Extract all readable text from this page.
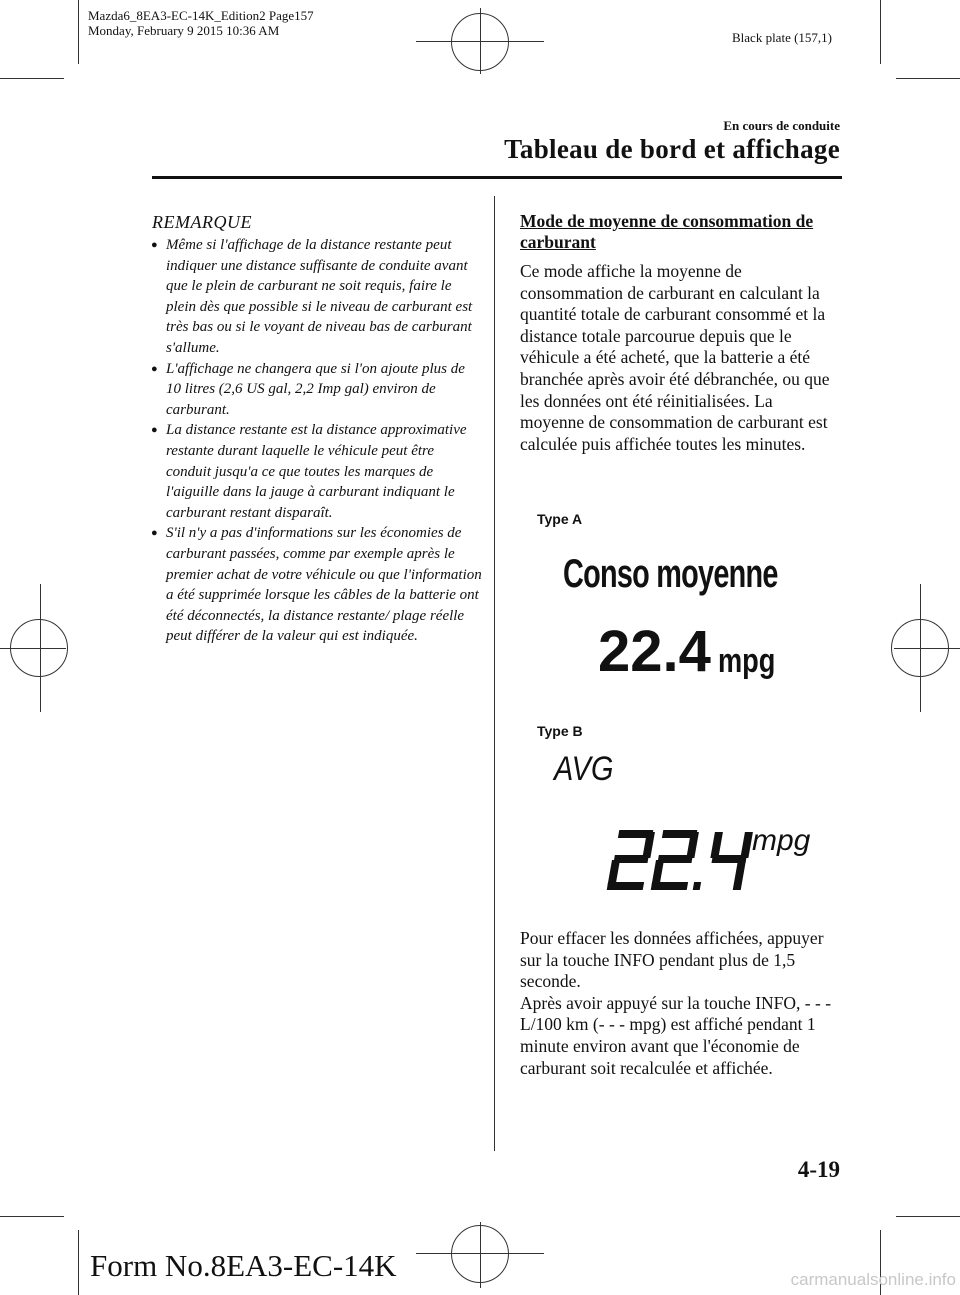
Mazda6_8EA3-EC-14K_Edition2 Page157
Monday, February 9 2015 10:36 AM	Black plate (157,1)
En cours de conduite
Tableau de bord et affichage
REMARQUE
● Même si l'affichage de la distance restante peut indiquer une distance suffisante de conduite avant que le plein de carburant ne soit requis, faire le plein dès que possible si le niveau de carburant est très bas ou si le voyant de niveau bas de carburant s'allume.
● L'affichage ne changera que si l'on ajoute plus de 10 litres (2,6 US gal, 2,2 Imp gal) environ de carburant.
● La distance restante est la distance approximative restante durant laquelle le véhicule peut être conduit jusqu'a ce que toutes les marques de l'aiguille dans la jauge à carburant indiquant le carburant restant disparaît.
● S'il n'y a pas d'informations sur les économies de carburant passées, comme par exemple après le premier achat de votre véhicule ou que l'information a été supprimée lorsque les câbles de la batterie ont été déconnectés, la distance restante/ plage réelle peut différer de la valeur qui est indiquée.
Mode de moyenne de consommation de carburant

Ce mode affiche la moyenne de consommation de carburant en calculant la quantité totale de carburant consommé et la distance totale parcourue depuis que le véhicule a été acheté, que la batterie a été branchée après avoir été débranchée, ou que les données ont été réinitialisées. La moyenne de consommation de carburant est calculée puis affichée toutes les minutes.

Type A
Conso moyenne
22.4 mpg
Type B
AVG
mpg

Pour effacer les données affichées, appuyer sur la touche INFO pendant plus de 1,5 seconde.

Après avoir appuyé sur la touche INFO, - - - L/100 km (- - - mpg) est affiché pendant 1 minute environ avant que l'économie de carburant soit recalculée et affichée.

4-19
Form No.8EA3-EC-14K	carmanualsonline.info
